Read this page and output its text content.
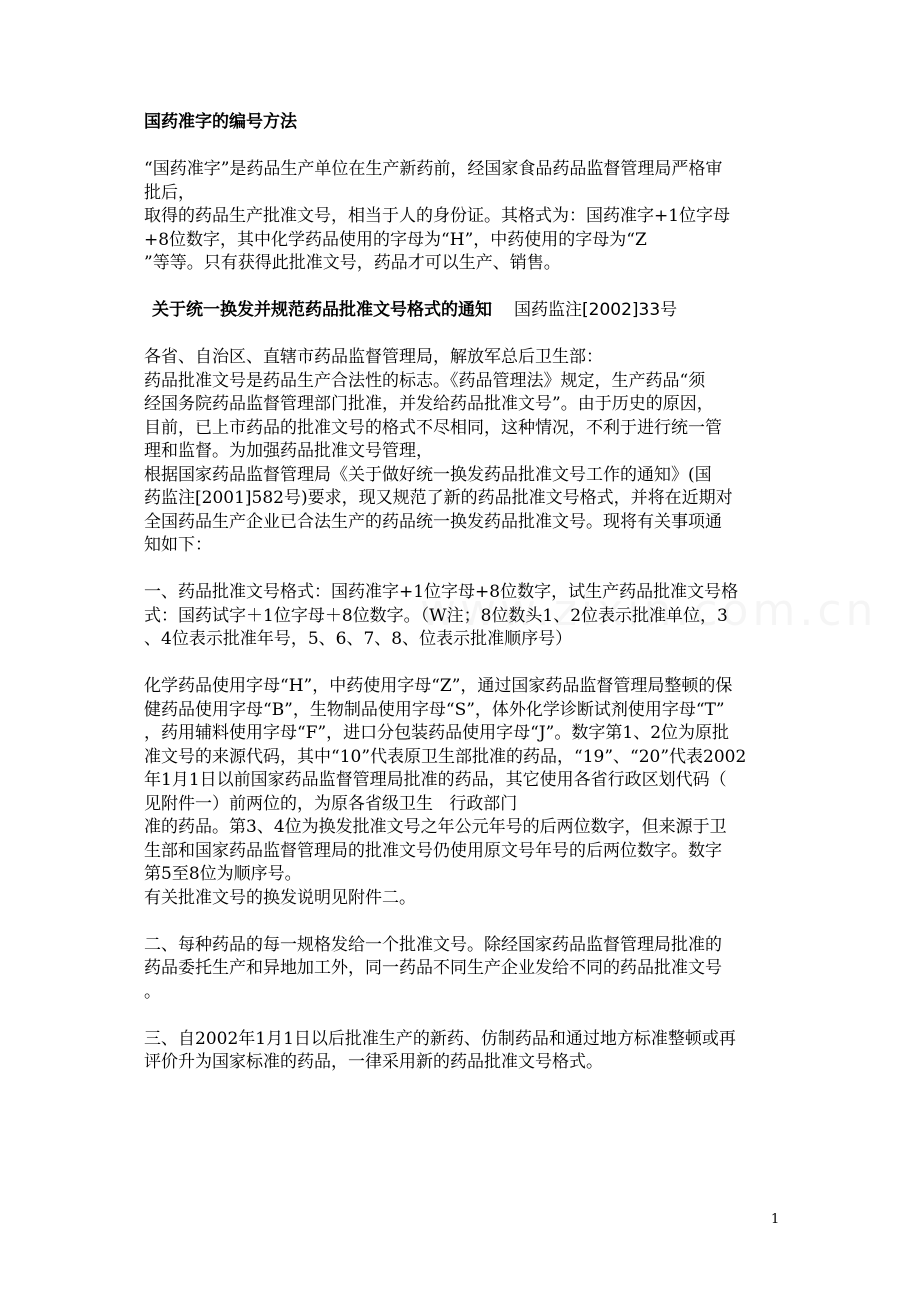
国药准字的编号方法
“国药准字”是药品生产单位在生产新药前，经国家食品药品监督管理局严格审
批后，
取得的药品生产批准文号，相当于人的身份证。其格式为：国药准字+1位字母
+8位数字，其中化学药品使用的字母为“H”，中药使用的字母为“Z
”等等。只有获得此批准文号，药品才可以生产、销售。
关于统一换发并规范药品批准文号格式的通知 国药监注[2002]33号
各省、自治区、直辖市药品监督管理局，解放军总后卫生部：
药品批准文号是药品生产合法性的标志。《药品管理法》规定，生产药品“须
经国务院药品监督管理部门批准，并发给药品批准文号”。由于历史的原因，
目前，已上市药品的批准文号的格式不尽相同，这种情况，不利于进行统一管
理和监督。为加强药品批准文号管理，
根据国家药品监督管理局《关于做好统一换发药品批准文号工作的通知》(国
药监注[2001]582号)要求，现又规范了新的药品批准文号格式，并将在近期对
全国药品生产企业已合法生产的药品统一换发药品批准文号。现将有关事项通
知如下：
一、药品批准文号格式：国药准字+1位字母+8位数字，试生产药品批准文号格
式：国药试字＋1位字母＋8位数字。（W注；8位数头1、2位表示批准单位，3
、4位表示批准年号，5、6、7、8、位表示批准顺序号）
化学药品使用字母“H”，中药使用字母“Z”，通过国家药品监督管理局整顿的保
健药品使用字母“B”，生物制品使用字母“S”，体外化学诊断试剂使用字母“T”
，药用辅料使用字母“F”，进口分包装药品使用字母“J”。数字第1、2位为原批
准文号的来源代码，其中“10”代表原卫生部批准的药品，“19”、“20”代表2002
年1月1日以前国家药品监督管理局批准的药品，其它使用各省行政区划代码（
见附件一）前两位的，为原各省级卫生   行政部门
准的药品。第3、4位为换发批准文号之年公元年号的后两位数字，但来源于卫
生部和国家药品监督管理局的批准文号仍使用原文号年号的后两位数字。数字
第5至8位为顺序号。
有关批准文号的换发说明见附件二。
二、每种药品的每一规格发给一个批准文号。除经国家药品监督管理局批准的
药品委托生产和异地加工外，同一药品不同生产企业发给不同的药品批准文号
。
三、自2002年1月1日以后批准生产的新药、仿制药品和通过地方标准整顿或再
评价升为国家标准的药品，一律采用新的药品批准文号格式。
1
